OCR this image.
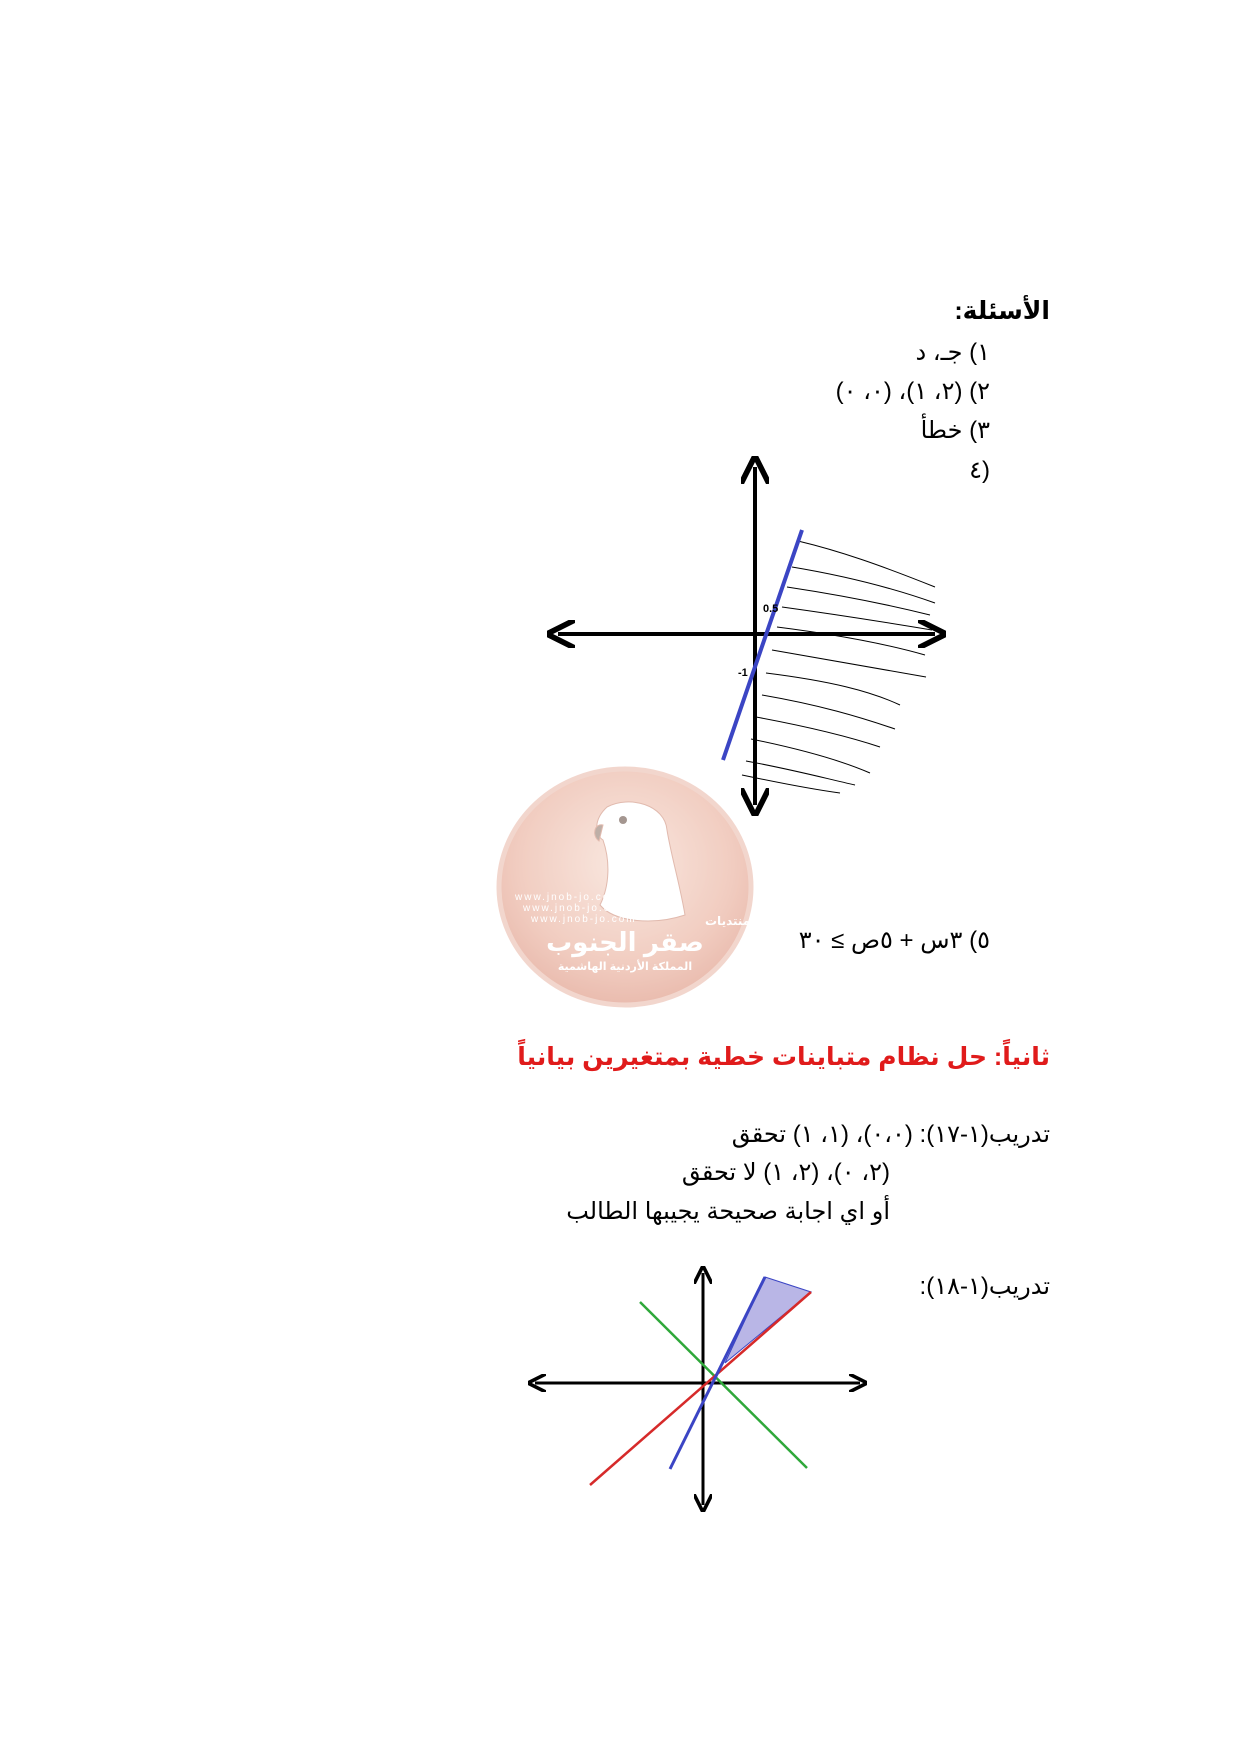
الأسئلة:
١) جـ، د
٢) (٢، ١)، (٠، ٠)
٣) خطأ
٤)
0.5
-1
www.jnob-jo.com
www.jnob-jo.com
www.jnob-jo.com	منتديات
صقر الجنوب
المملكة الأردنية الهاشمية
٥) ٣س + ٥ص ≥ ٣٠
ثانياً: حل نظام متباينات خطية بمتغيرين بيانياً
تدريب(١-١٧): (٠،٠)، (١، ١) تحقق
(٢، ٠)، (٢، ١) لا تحقق
أو اي اجابة صحيحة يجيبها الطالب
تدريب(١-١٨):
